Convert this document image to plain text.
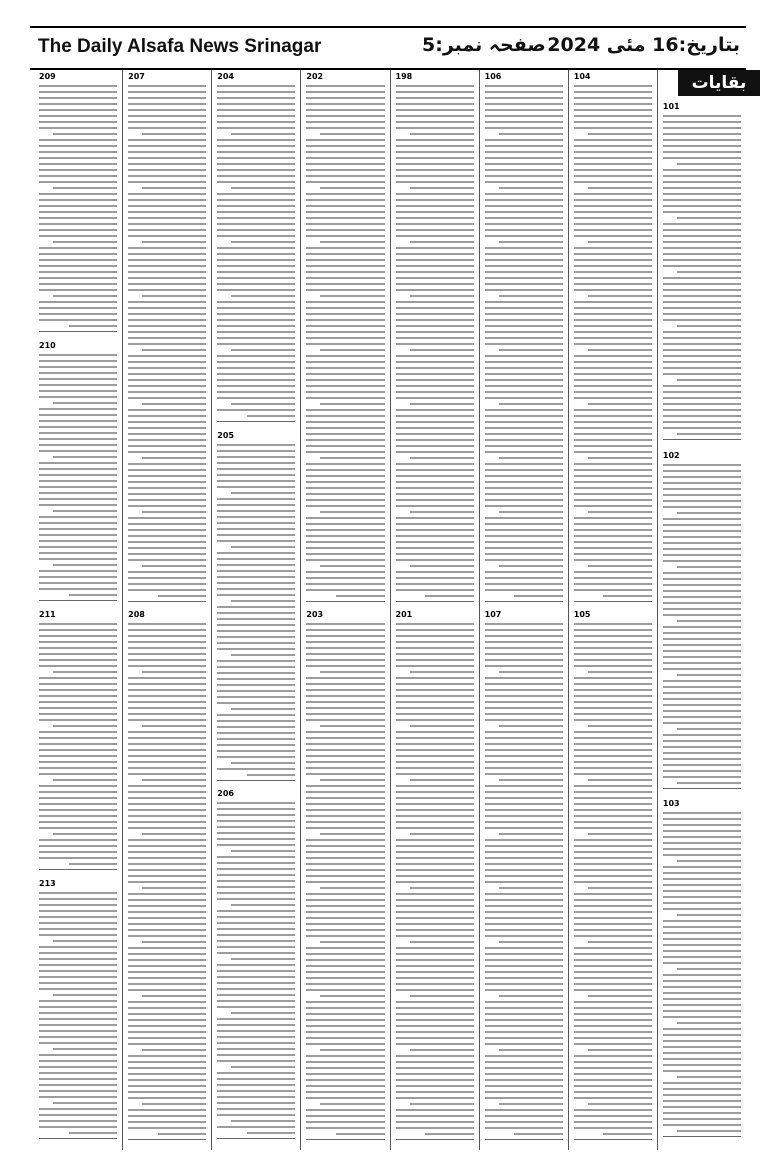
The Daily Alsafa News Srinagar	صفحہ نمبر:5 بتاریخ:16 مئی 2024
بقایات
101
102
103
104
105
106
107
198
201
202
203
204
205
206
207
208
209
210
211
213
